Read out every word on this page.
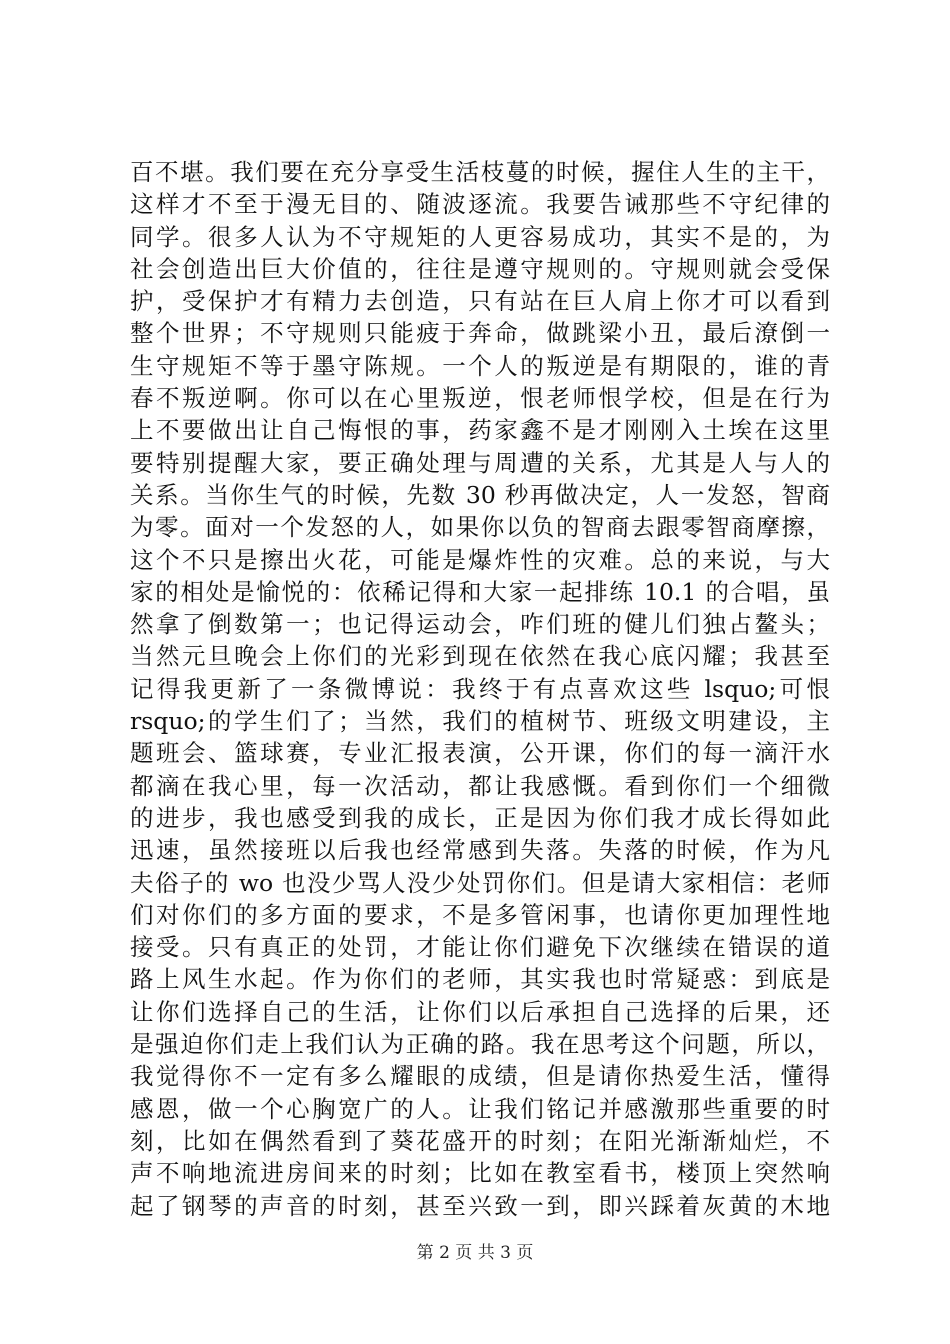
百不堪。我们要在充分享受生活枝蔓的时候，握住人生的主干，
这样才不至于漫无目的、随波逐流。我要告诫那些不守纪律的
同学。很多人认为不守规矩的人更容易成功，其实不是的，为
社会创造出巨大价值的，往往是遵守规则的。守规则就会受保
护，受保护才有精力去创造，只有站在巨人肩上你才可以看到
整个世界；不守规则只能疲于奔命，做跳梁小丑，最后潦倒一
生守规矩不等于墨守陈规。一个人的叛逆是有期限的，谁的青
春不叛逆啊。你可以在心里叛逆，恨老师恨学校，但是在行为
上不要做出让自己悔恨的事，药家鑫不是才刚刚入土埃在这里
要特别提醒大家，要正确处理与周遭的关系，尤其是人与人的
关系。当你生气的时候，先数 30 秒再做决定，人一发怒，智商
为零。面对一个发怒的人，如果你以负的智商去跟零智商摩擦，
这个不只是擦出火花，可能是爆炸性的灾难。总的来说，与大
家的相处是愉悦的：依稀记得和大家一起排练 10.1 的合唱，虽
然拿了倒数第一；也记得运动会，咋们班的健儿们独占鳌头；
当然元旦晚会上你们的光彩到现在依然在我心底闪耀；我甚至
记得我更新了一条微博说：我终于有点喜欢这些 lsquo;可恨
rsquo;的学生们了；当然，我们的植树节、班级文明建设，主
题班会、篮球赛，专业汇报表演，公开课，你们的每一滴汗水
都滴在我心里，每一次活动，都让我感慨。看到你们一个细微
的进步，我也感受到我的成长，正是因为你们我才成长得如此
迅速，虽然接班以后我也经常感到失落。失落的时候，作为凡
夫俗子的 wo 也没少骂人没少处罚你们。但是请大家相信：老师
们对你们的多方面的要求，不是多管闲事，也请你更加理性地
接受。只有真正的处罚，才能让你们避免下次继续在错误的道
路上风生水起。作为你们的老师，其实我也时常疑惑：到底是
让你们选择自己的生活，让你们以后承担自己选择的后果，还
是强迫你们走上我们认为正确的路。我在思考这个问题，所以，
我觉得你不一定有多么耀眼的成绩，但是请你热爱生活，懂得
感恩，做一个心胸宽广的人。让我们铭记并感激那些重要的时
刻，比如在偶然看到了葵花盛开的时刻；在阳光渐渐灿烂，不
声不响地流进房间来的时刻；比如在教室看书，楼顶上突然响
起了钢琴的声音的时刻，甚至兴致一到，即兴踩着灰黄的木地
第 2 页 共 3 页
